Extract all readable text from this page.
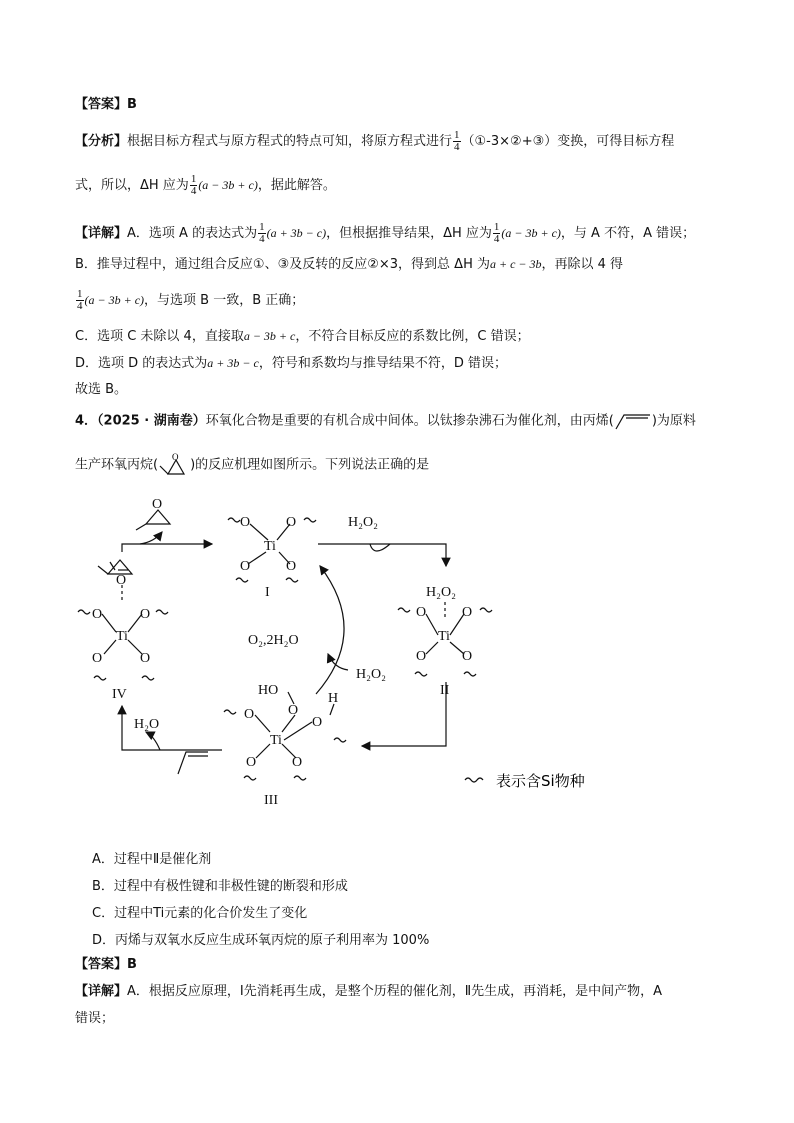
【答案】B
【分析】根据目标方程式与原方程式的特点可知，将原方程式进行 $\frac{1}{4}$ （①-3×②+③）变换，可得目标方程
式，所以，ΔH 应为 $\frac{1}{4} (a - 3b + c)$，据此解答。
【详解】A．选项 A 的表达式为 $\frac{1}{4} (a + 3b - c)$，但根据推导结果，ΔH 应为 $\frac{1}{4} (a - 3b + c)$，与 A 不符，A 错误；
B．推导过程中，通过组合反应①、③及反转的反应②×3，得到总 ΔH 为a + c − 3b，再除以 4 得
$\frac{1}{4} (a - 3b + c)$，与选项 B 一致，B 正确；
C．选项 C 未除以 4，直接取a − 3b + c，不符合目标反应的系数比例，C 错误；
D．选项 D 的表达式为a + 3b − c，符号和系数均与推导结果不符，D 错误；
故选 B。
4．（2025 · 湖南卷）环氧化合物是重要的有机合成中间体。以钛掺杂沸石为催化剂，由丙烯(	)为原料
生产环氧丙烷(
O
)的反应机理如图所示。下列说法正确的是
Ti
O	O
O	O
I
H₂O₂
H₂O₂
Ti
O	O
O	O
II
O₂,2H₂O
H₂O₂
HO
O
O
Ti
O
H
O	O
III
O
Ti
O	O
O	O
IV
O
H₂O
表示含Si物种
A．过程中Ⅱ是催化剂
B．过程中有极性键和非极性键的断裂和形成
C．过程中Ti元素的化合价发生了变化
D．丙烯与双氧水反应生成环氧丙烷的原子利用率为 100%
【答案】B
【详解】A．根据反应原理，Ⅰ先消耗再生成，是整个历程的催化剂，Ⅱ先生成，再消耗，是中间产物，A
错误；
